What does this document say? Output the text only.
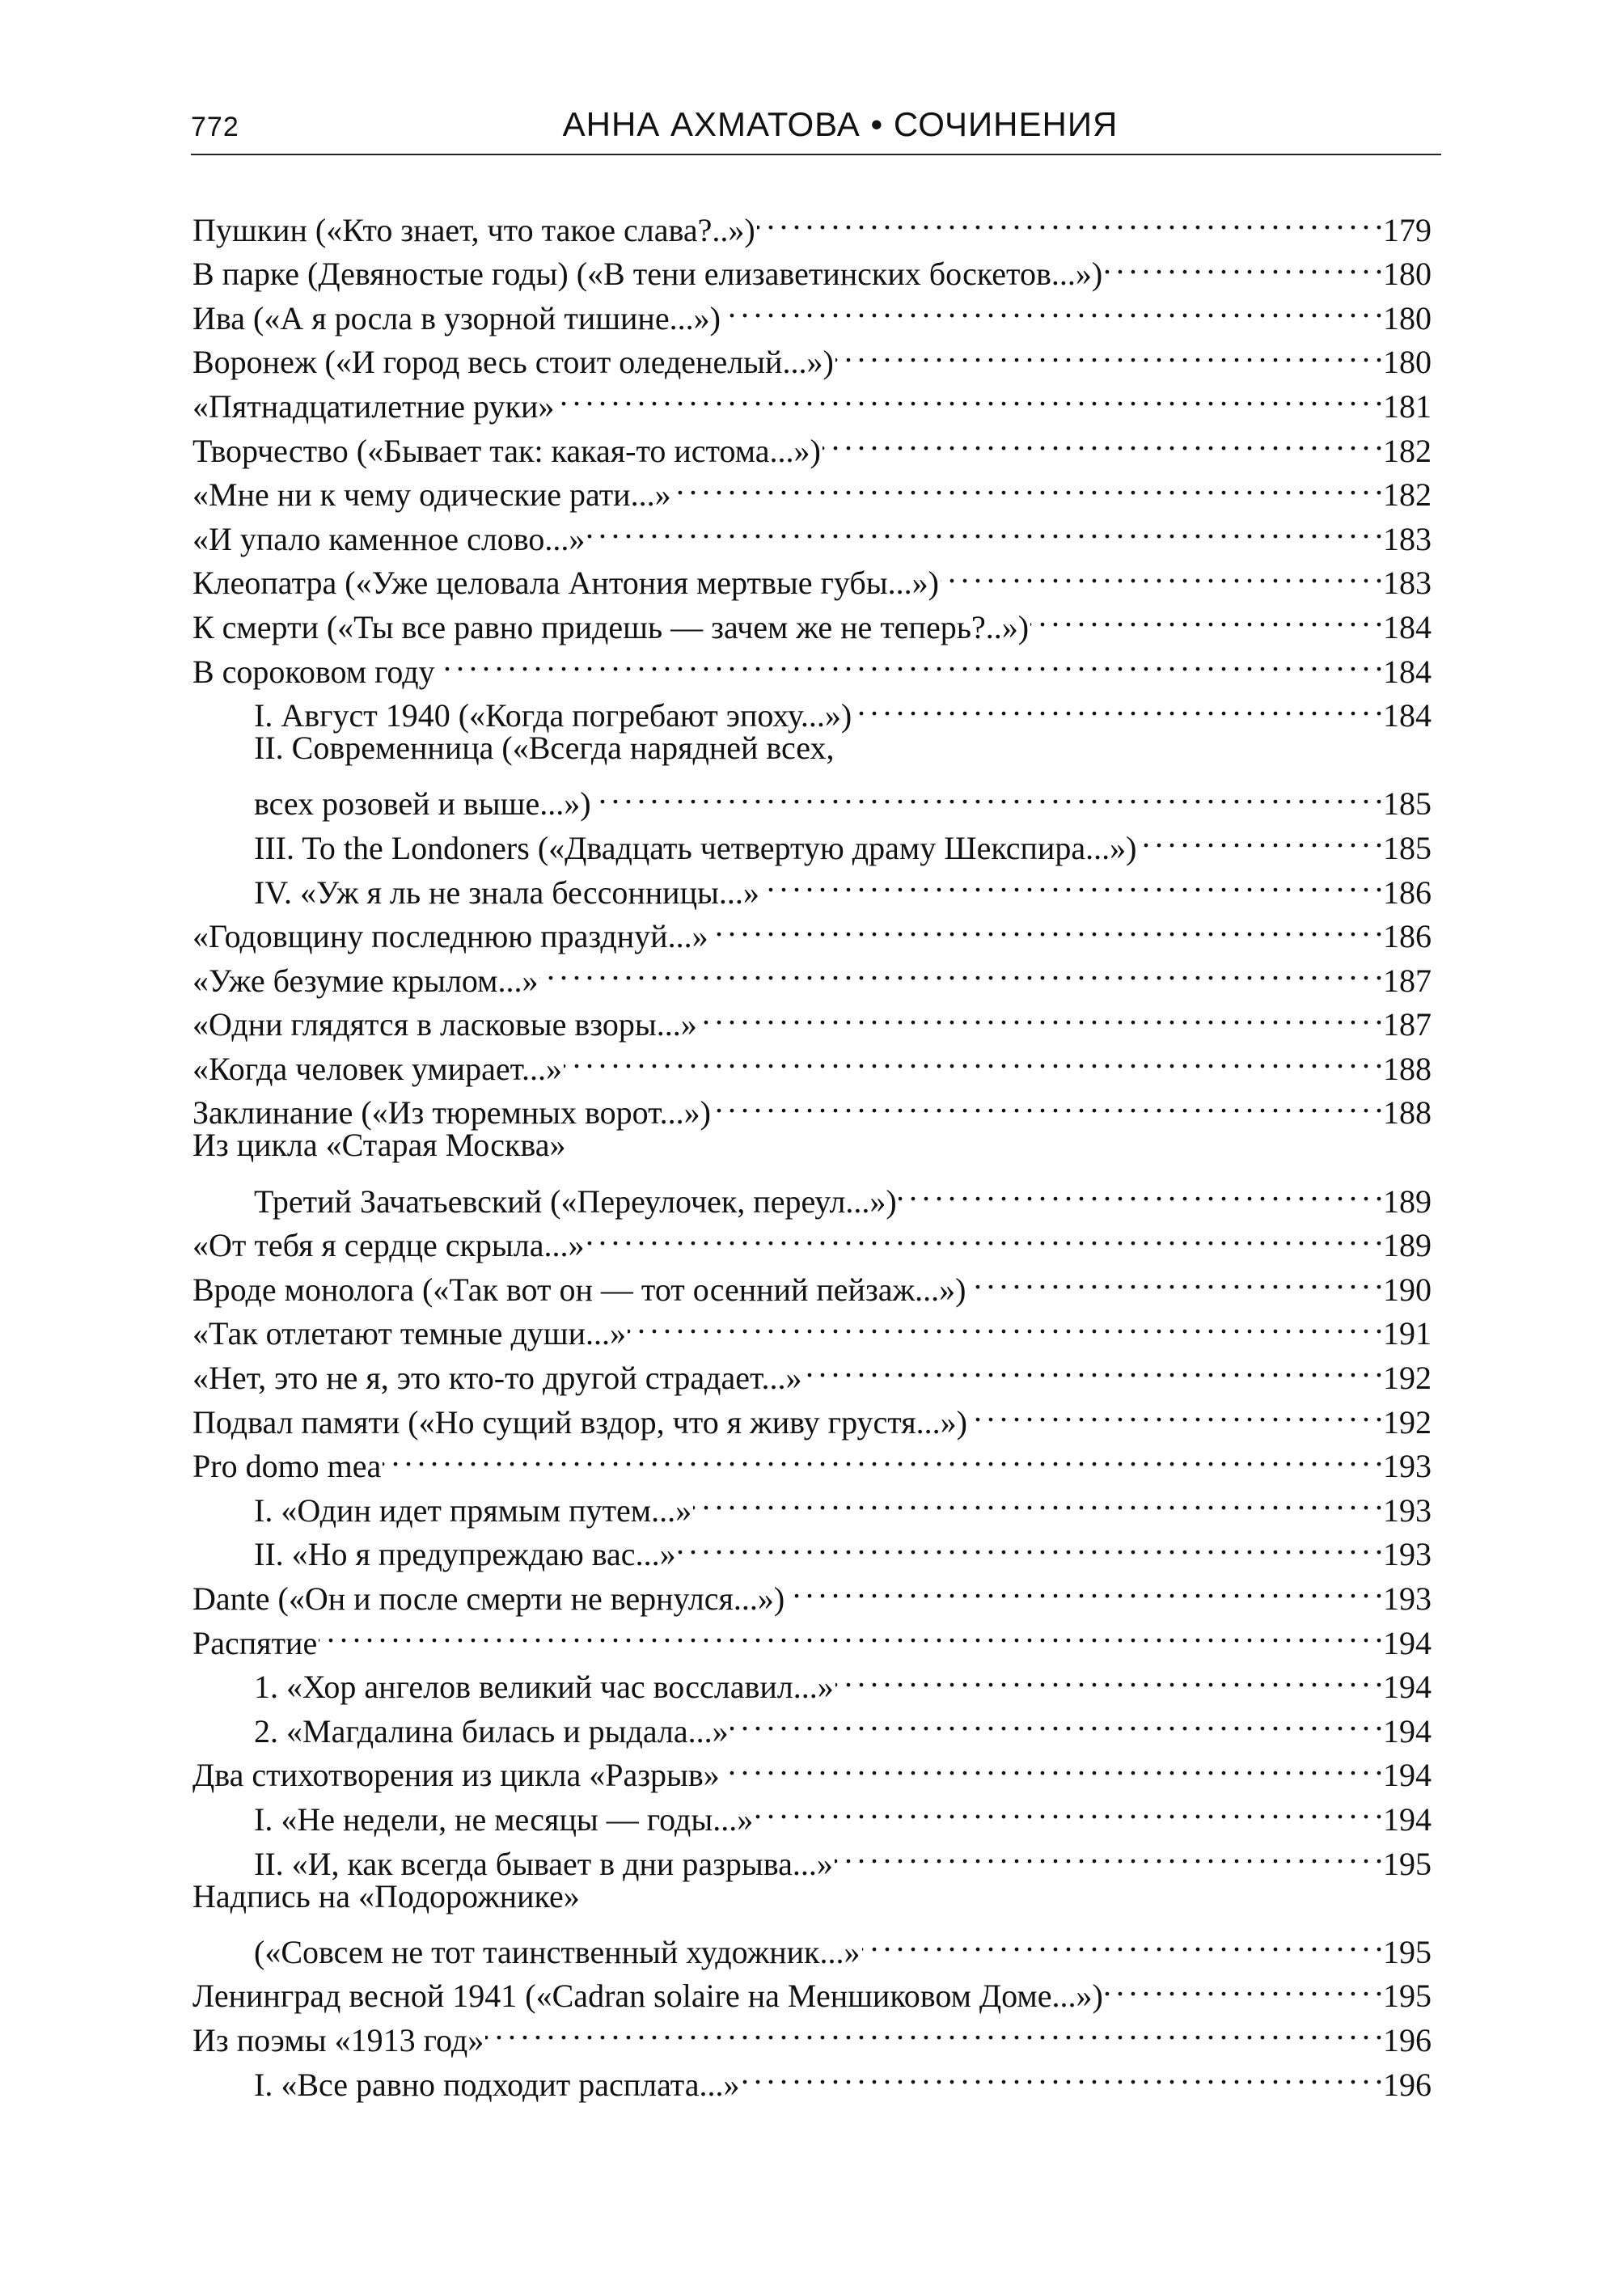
772	АННА АХМАТОВА • СОЧИНЕНИЯ
Пушкин («Кто знает, что такое слава?..») . . .	179
В парке (Девяностые годы) («В тени елизаветинских боскетов...») . . .	180
Ива («А я росла в узорной тишине...») . . .	180
Воронеж («И город весь стоит оледенелый...») . . .	180
«Пятнадцатилетние руки» . . .	181
Творчество («Бывает так: какая-то истома...») . . .	182
«Мне ни к чему одические рати...» . . .	182
«И упало каменное слово...» . . .	183
Клеопатра («Уже целовала Антония мертвые губы...») . . .	183
К смерти («Ты все равно придешь — зачем же не теперь?..») . . .	184
В сороковом году . . .	184
I. Август 1940 («Когда погребают эпоху...») . . .	184
II. Современница («Всегда нарядней всех,
всех розовей и выше...») . . .	185
III. To the Londoners («Двадцать четвертую драму Шекспира...») . . .	185
IV. «Уж я ль не знала бессонницы...» . . .	186
«Годовщину последнюю празднуй...» . . .	186
«Уже безумие крылом...» . . .	187
«Одни глядятся в ласковые взоры...» . . .	187
«Когда человек умирает...» . . .	188
Заклинание («Из тюремных ворот...») . . .	188
Из цикла «Старая Москва»
Третий Зачатьевский («Переулочек, переул...») . . .	189
«От тебя я сердце скрыла...» . . .	189
Вроде монолога («Так вот он — тот осенний пейзаж...») . . .	190
«Так отлетают темные души...» . . .	191
«Нет, это не я, это кто-то другой страдает...» . . .	192
Подвал памяти («Но сущий вздор, что я живу грустя...») . . .	192
Pro domo mea . . .	193
I. «Один идет прямым путем...» . . .	193
II. «Но я предупреждаю вас...» . . .	193
Dante («Он и после смерти не вернулся...») . . .	193
Распятие . . .	194
1. «Хор ангелов великий час восславил...» . . .	194
2. «Магдалина билась и рыдала...» . . .	194
Два стихотворения из цикла «Разрыв» . . .	194
I. «Не недели, не месяцы — годы...» . . .	194
II. «И, как всегда бывает в дни разрыва...» . . .	195
Надпись на «Подорожнике»
(«Совсем не тот таинственный художник...» . . .	195
Ленинград весной 1941 («Cadran solaire на Меншиковом Доме...») . . .	195
Из поэмы «1913 год» . . .	196
I. «Все равно подходит расплата...» . . .	196
